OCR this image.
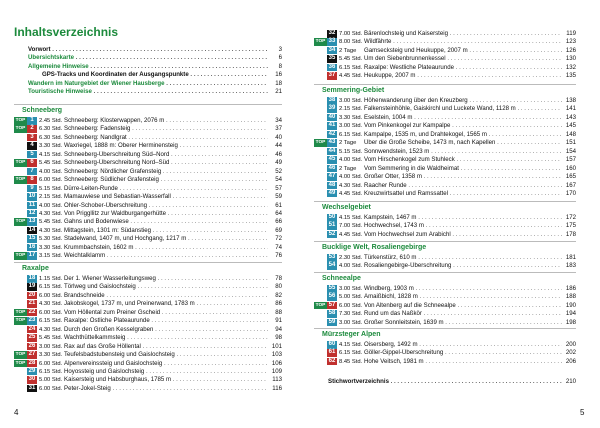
Vorwort . . .	3
Übersichtskarte . . .	6
Allgemeine Hinweise . . .	8
GPS-Tracks und Koordinaten der Ausgangspunkte . . .	16
Wandern im Naturgebiet der Wiener Hausberge . . .	18
Touristische Hinweise . . .	21
Schneeberg
TOP 1 2.45 Std. Schneeberg: Klosterwappen, 2076 m . . .	34
TOP 2 6.30 Std. Schneeberg: Fadensteig . . .	37
3 6.30 Std. Schneeberg: Nandlgrat . . .	40
4 3.30 Std. Waxriegel, 1888 m: Oberer Herminensteig . . .	44
5 4.15 Std. Schneeberg-Überschreitung Süd–Nord . . .	46
TOP 6 5.45 Std. Schneeberg-Überschreitung Nord–Süd . . .	49
7 4.00 Std. Schneeberg: Nördlicher Grafensteig . . .	52
TOP 8 6.00 Std. Schneeberg: Südlicher Grafensteig . . .	54
9 5.15 Std. Dürre-Leiten-Runde . . .	57
10 2.15 Std. Mamauwiese und Sebastian-Wasserfall . . .	59
11 4.00 Std. Öhler-Schober-Überschreitung . . .	61
12 4.30 Std. Von Priggllitz zur Waldburgangerhütte . . .	64
TOP 13 5.45 Std. Gahns und Bodenwiese . . .	66
14 4.30 Std. Mittagstein, 1301 m: Südanstieg . . .	69
15 5.30 Std. Stadelwand, 1407 m, und Hochgang, 1217 m . . .	72
16 3.30 Std. Krummbachstein, 1602 m . . .	74
TOP 17 3.15 Std. Weichtalklamm . . .	76
Raxalpe
18 1.15 Std. Der 1. Wiener Wasserleitungsweg . . .	78
19 6.15 Std. Törlweg und Gaislochsteig . . .	80
20 6.00 Std. Brandschneide . . .	82
21 4.30 Std. Jakobskogel, 1737 m, und Preinerwand, 1783 m . . .	86
TOP 22 6.00 Std. Vom Höllental zum Preiner Gscheid . . .	88
TOP 23 6.15 Std. Raxalpe: Östliche Plateaurunde . . .	91
24 4.30 Std. Durch den Großen Kesselgraben . . .	94
25 5.45 Std. Wachthüttelkammsteig . . .	98
26 3.00 Std. Rax auf das Große Höllental . . .	101
TOP 27 3.30 Std. Teufelsbadstubensteig und Gaislochsteig . . .	103
TOP 28 6.00 Std. Alpenvereinssteig und Gaislochsteig . . .	106
29 6.15 Std. Hoyossteig und Gaislochsteig . . .	109
30 5.00 Std. Kaisersteig und Habsburghaus, 1785 m . . .	113
31 6.00 Std. Peter-Jokel-Steig . . .	116
32 7.00 Std. Bärenlochsteig und Kaisersteig . . .	119
TOP 33 8.00 Std. Wildfährte . . .	123
34 2 Tage	Gamsecksteig und Heukuppe, 2007 m . . .	126
35 5.45 Std. Um den Siebenbrunnenkessel . . .	130
36 6.15 Std. Raxalpe: Westliche Plateaurunde . . .	132
37 4.45 Std. Heukuppe, 2007 m . . .	135
Semmering-Gebiet
38 3.00 Std. Höhenwanderung über den Kreuzberg . . .	138
39 2.15 Std. Falkensteinhöhle, Gaiskirchl und Luckete Wand, 1128 m . . .	141
40 3.30 Std. Eselstein, 1004 m . . .	143
41 3.00 Std. Vom Pinkenkogel zur Kampalpe . . .	145
42 6.15 Std. Kampalpe, 1535 m, und Drahtekogel, 1565 m . . .	148
TOP 43 2 Tage	Über die Große Scheibe, 1473 m, nach Kapellen . . .	151
44 5.15 Std. Sonnwendstein, 1523 m . . .	154
45 4.00 Std. Vom Hirschenkogel zum Stuhleck . . .	157
46 2 Tage	Vom Semmering in die Waldheimat . . .	160
47 4.00 Std. Großer Otter, 1358 m . . .	165
48 4.30 Std. Raacher Runde . . .	167
49 4.45 Std. Kreuzwirtsattel und Ramssattel . . .	170
Wechselgebiet
50 4.15 Std. Kampstein, 1467 m . . .	172
51 7.00 Std. Hochwechsel, 1743 m . . .	175
52 4.45 Std. Vom Hochwechsel zum Arabichl . . .	178
Bucklige Welt, Rosaliengebirge
53 2.30 Std. Türkenstürz, 610 m . . .	181
54 4.00 Std. Rosaliengebirge-Überschreitung . . .	183
Schneealpe
55 3.00 Std. Windberg, 1903 m . . .	186
56 5.00 Std. Amaißbichl, 1828 m . . .	188
TOP 57 6.00 Std. Von Altenberg auf die Schneealpe . . .	190
58 7.30 Std. Rund um das Naßkör . . .	194
59 3.00 Std. Großer Sonnleitstein, 1639 m . . .	198
Mürzsteger Alpen
60 4.15 Std. Oisersberg, 1492 m . . .	200
61 6.15 Std. Göller-Gippel-Überschreitung . . .	202
62 8.45 Std. Hohe Veitsch, 1981 m . . .	206
Stichwortverzeichnis . . .	210
Inhaltsverzeichnis
4	5
